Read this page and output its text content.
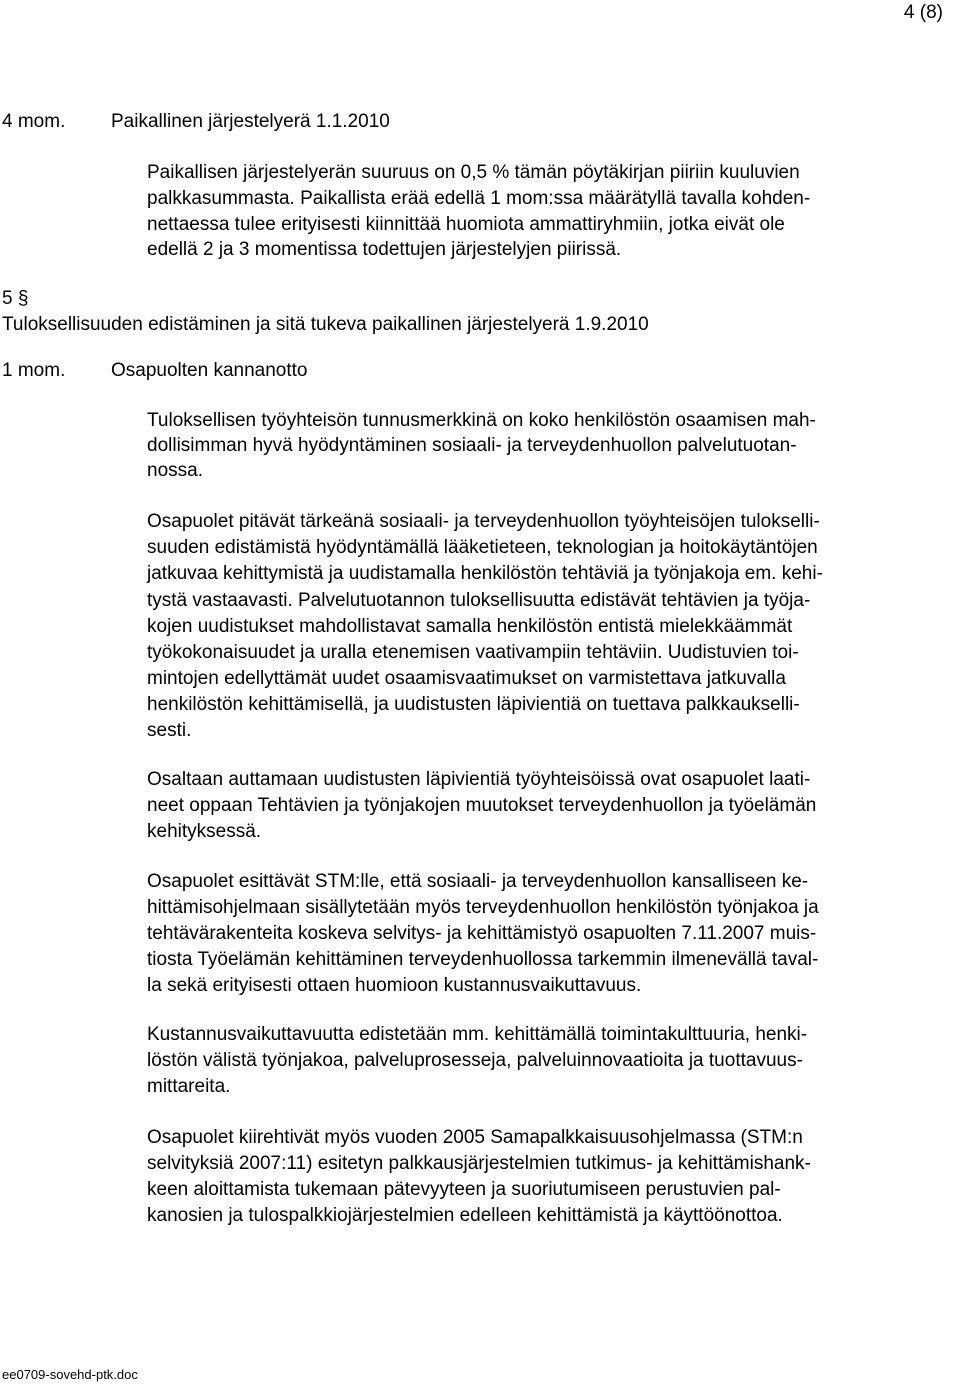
4 (8)
4 mom. Paikallinen järjestelyerä 1.1.2010
Paikallisen järjestelyerän suuruus on 0,5 % tämän pöytäkirjan piiriin kuuluvien
palkkasummasta. Paikallista erää edellä 1 mom:ssa määrätyllä tavalla kohden-
nettaessa tulee erityisesti kiinnittää huomiota ammattiryhmiin, jotka eivät ole
edellä 2 ja 3 momentissa todettujen järjestelyjen piirissä.
5 §
Tuloksellisuuden edistäminen ja sitä tukeva paikallinen järjestelyerä 1.9.2010
1 mom. Osapuolten kannanotto
Tuloksellisen työyhteisön tunnusmerkkinä on koko henkilöstön osaamisen mah-
dollisimman hyvä hyödyntäminen sosiaali- ja terveydenhuollon palvelutuotan-
nossa.
Osapuolet pitävät tärkeänä sosiaali- ja terveydenhuollon työyhteisöjen tulokselli-
suuden edistämistä hyödyntämällä lääketieteen, teknologian ja hoitokäytäntöjen
jatkuvaa kehittymistä ja uudistamalla henkilöstön tehtäviä ja työnjakoja em. kehi-
tystä vastaavasti. Palvelutuotannon tuloksellisuutta edistävät tehtävien ja työja-
kojen uudistukset mahdollistavat samalla henkilöstön entistä mielekkäämmät
työkokonaisuudet ja uralla etenemisen vaativampiin tehtäviin. Uudistuvien toi-
mintojen edellyttämät uudet osaamisvaatimukset on varmistettava jatkuvalla
henkilöstön kehittämisellä, ja uudistusten läpivientiä on tuettava palkkaukselli-
sesti.
Osaltaan auttamaan uudistusten läpivientiä työyhteisöissä ovat osapuolet laati-
neet oppaan Tehtävien ja työnjakojen muutokset terveydenhuollon ja työelämän
kehityksessä.
Osapuolet esittävät STM:lle, että sosiaali- ja terveydenhuollon kansalliseen ke-
hittämisohjelmaan sisällytetään myös terveydenhuollon henkilöstön työnjakoa ja
tehtävärakenteita koskeva selvitys- ja kehittämistyö osapuolten 7.11.2007 muis-
tiosta Työelämän kehittäminen terveydenhuollossa tarkemmin ilmenevällä taval-
la sekä erityisesti ottaen huomioon kustannusvaikuttavuus.
Kustannusvaikuttavuutta edistetään mm. kehittämällä toimintakulttuuria, henki-
löstön välistä työnjakoa, palveluprosesseja, palveluinnovaatioita ja tuottavuus-
mittareita.
Osapuolet kiirehtivät myös vuoden 2005 Samapalkkaisuusohjelmassa (STM:n
selvityksiä 2007:11) esitetyn palkkausjärjestelmien tutkimus- ja kehittämishank-
keen aloittamista tukemaan pätevyyteen ja suoriutumiseen perustuvien pal-
kanosien ja tulospalkkiojärjestelmien edelleen kehittämistä ja käyttöönottoa.
ee0709-sovehd-ptk.doc
